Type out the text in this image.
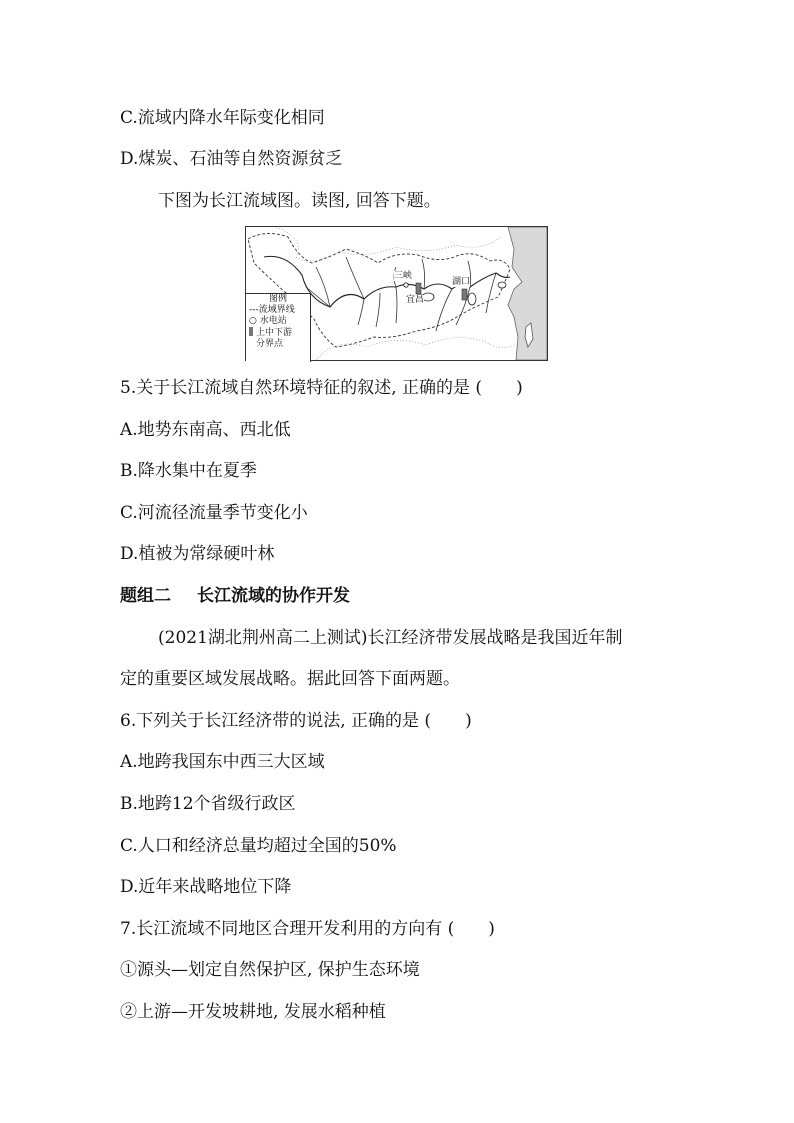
C.流域内降水年际变化相同
D.煤炭、石油等自然资源贫乏
下图为长江流域图。读图, 回答下题。
三峡
宜昌
湖口
图例
---流域界线
○ 水电站
上中下游
分界点
5.关于长江流域自然环境特征的叙述, 正确的是 (　　)
A.地势东南高、西北低
B.降水集中在夏季
C.河流径流量季节变化小
D.植被为常绿硬叶林
题组二 长江流域的协作开发
(2021湖北荆州高二上测试)长江经济带发展战略是我国近年制
定的重要区域发展战略。据此回答下面两题。
6.下列关于长江经济带的说法, 正确的是 (　　)
A.地跨我国东中西三大区域
B.地跨12个省级行政区
C.人口和经济总量均超过全国的50%
D.近年来战略地位下降
7.长江流域不同地区合理开发利用的方向有 (　　)
①源头—划定自然保护区, 保护生态环境
②上游—开发坡耕地, 发展水稻种植
